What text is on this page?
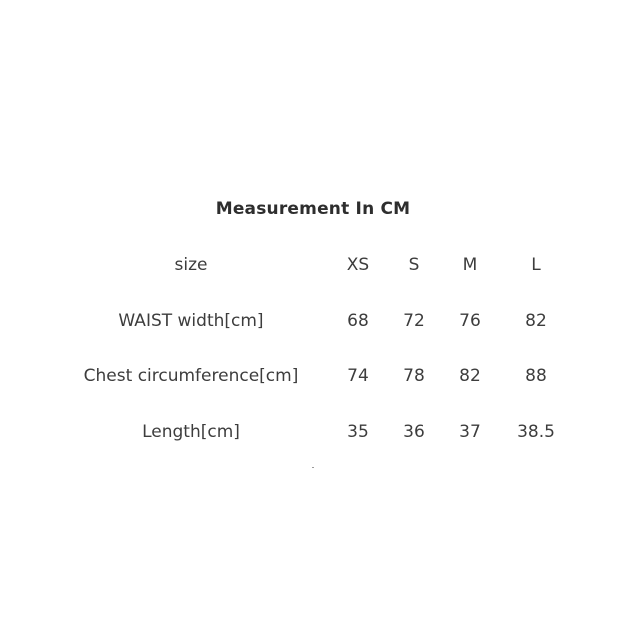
Measurement In CM
size	XS S	M	L
WAIST width[cm]	68 72 76	82
Chest circumference[cm]	74 78 82	88
Length[cm]	35 36 37 38.5
